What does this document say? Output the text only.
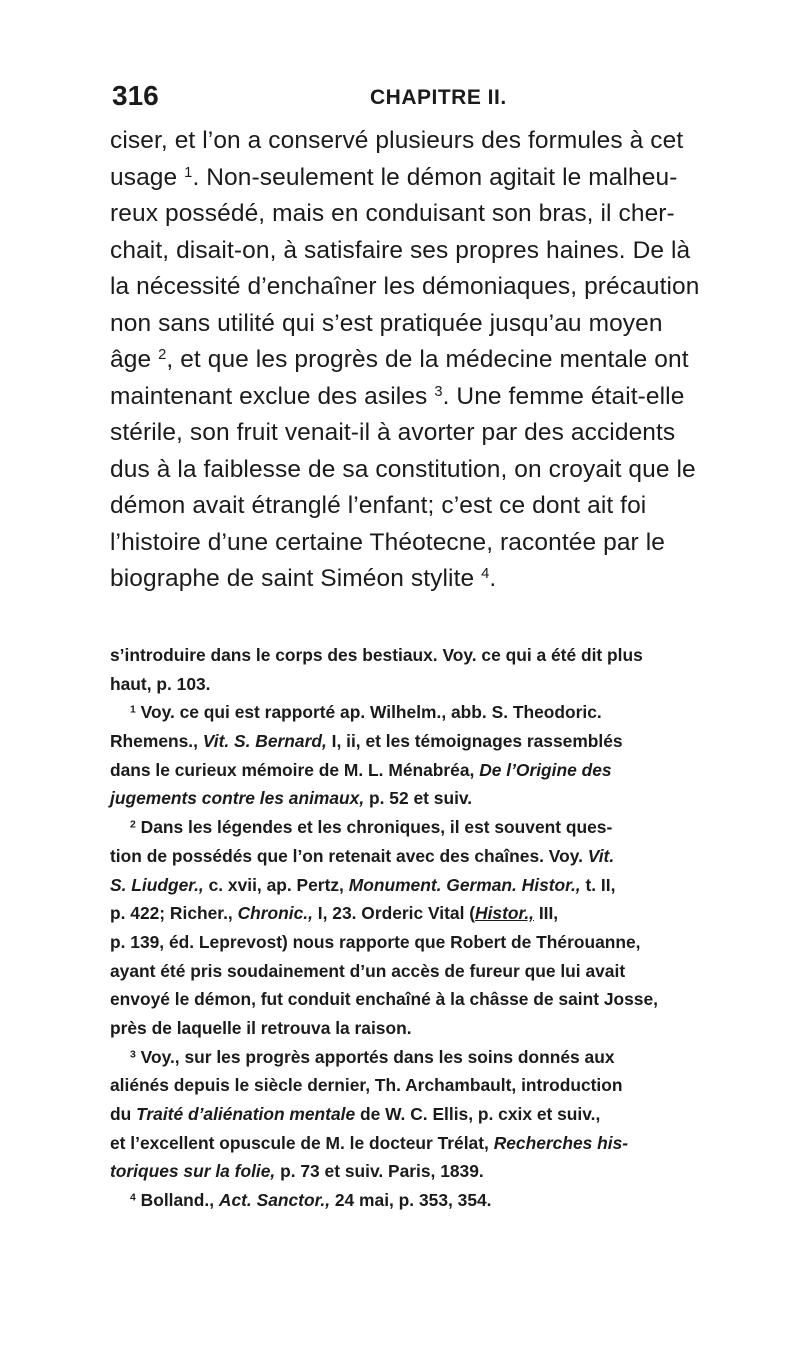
316	CHAPITRE II.
ciser, et l’on a conservé plusieurs des formules à cet
usage $^1$. Non-seulement le démon agitait le malheu-
reux possédé, mais en conduisant son bras, il cher-
chait, disait-on, à satisfaire ses propres haines. De là
la nécessité d’enchaîner les démoniaques, précaution
non sans utilité qui s’est pratiquée jusqu’au moyen
âge $^2$, et que les progrès de la médecine mentale ont
maintenant exclue des asiles $^3$. Une femme était-elle
stérile, son fruit venait-il à avorter par des accidents
dus à la faiblesse de sa constitution, on croyait que le
démon avait étranglé l’enfant; c’est ce dont ait foi
l’histoire d’une certaine Théotecne, racontée par le
biographe de saint Siméon stylite $^4$.
s’introduire dans le corps des bestiaux. Voy. ce qui a été dit plus
haut, p. 103.
$^1$ Voy. ce qui est rapporté ap. Wilhelm., abb. S. Theodoric.
Rhemens., Vit. S. Bernard, I, ii, et les témoignages rassemblés
dans le curieux mémoire de M. L. Ménabréa, De l’Origine des
jugements contre les animaux, p. 52 et suiv.
$^2$ Dans les légendes et les chroniques, il est souvent ques-
tion de possédés que l’on retenait avec des chaînes. Voy. Vit.
S. Liudger., c. xvii, ap. Pertz, Monument. German. Histor., t. II,
p. 422; Richer., Chronic., I, 23. Orderic Vital (Histor., III,
p. 139, éd. Leprevost) nous rapporte que Robert de Thérouanne,
ayant été pris soudainement d’un accès de fureur que lui avait
envoyé le démon, fut conduit enchaîné à la châsse de saint Josse,
près de laquelle il retrouva la raison.
$^3$ Voy., sur les progrès apportés dans les soins donnés aux
aliénés depuis le siècle dernier, Th. Archambault, introduction
du Traité d’aliénation mentale de W. C. Ellis, p. cxix et suiv.,
et l’excellent opuscule de M. le docteur Trélat, Recherches his-
toriques sur la folie, p. 73 et suiv. Paris, 1839.
$^4$ Bolland., Act. Sanctor., 24 mai, p. 353, 354.
